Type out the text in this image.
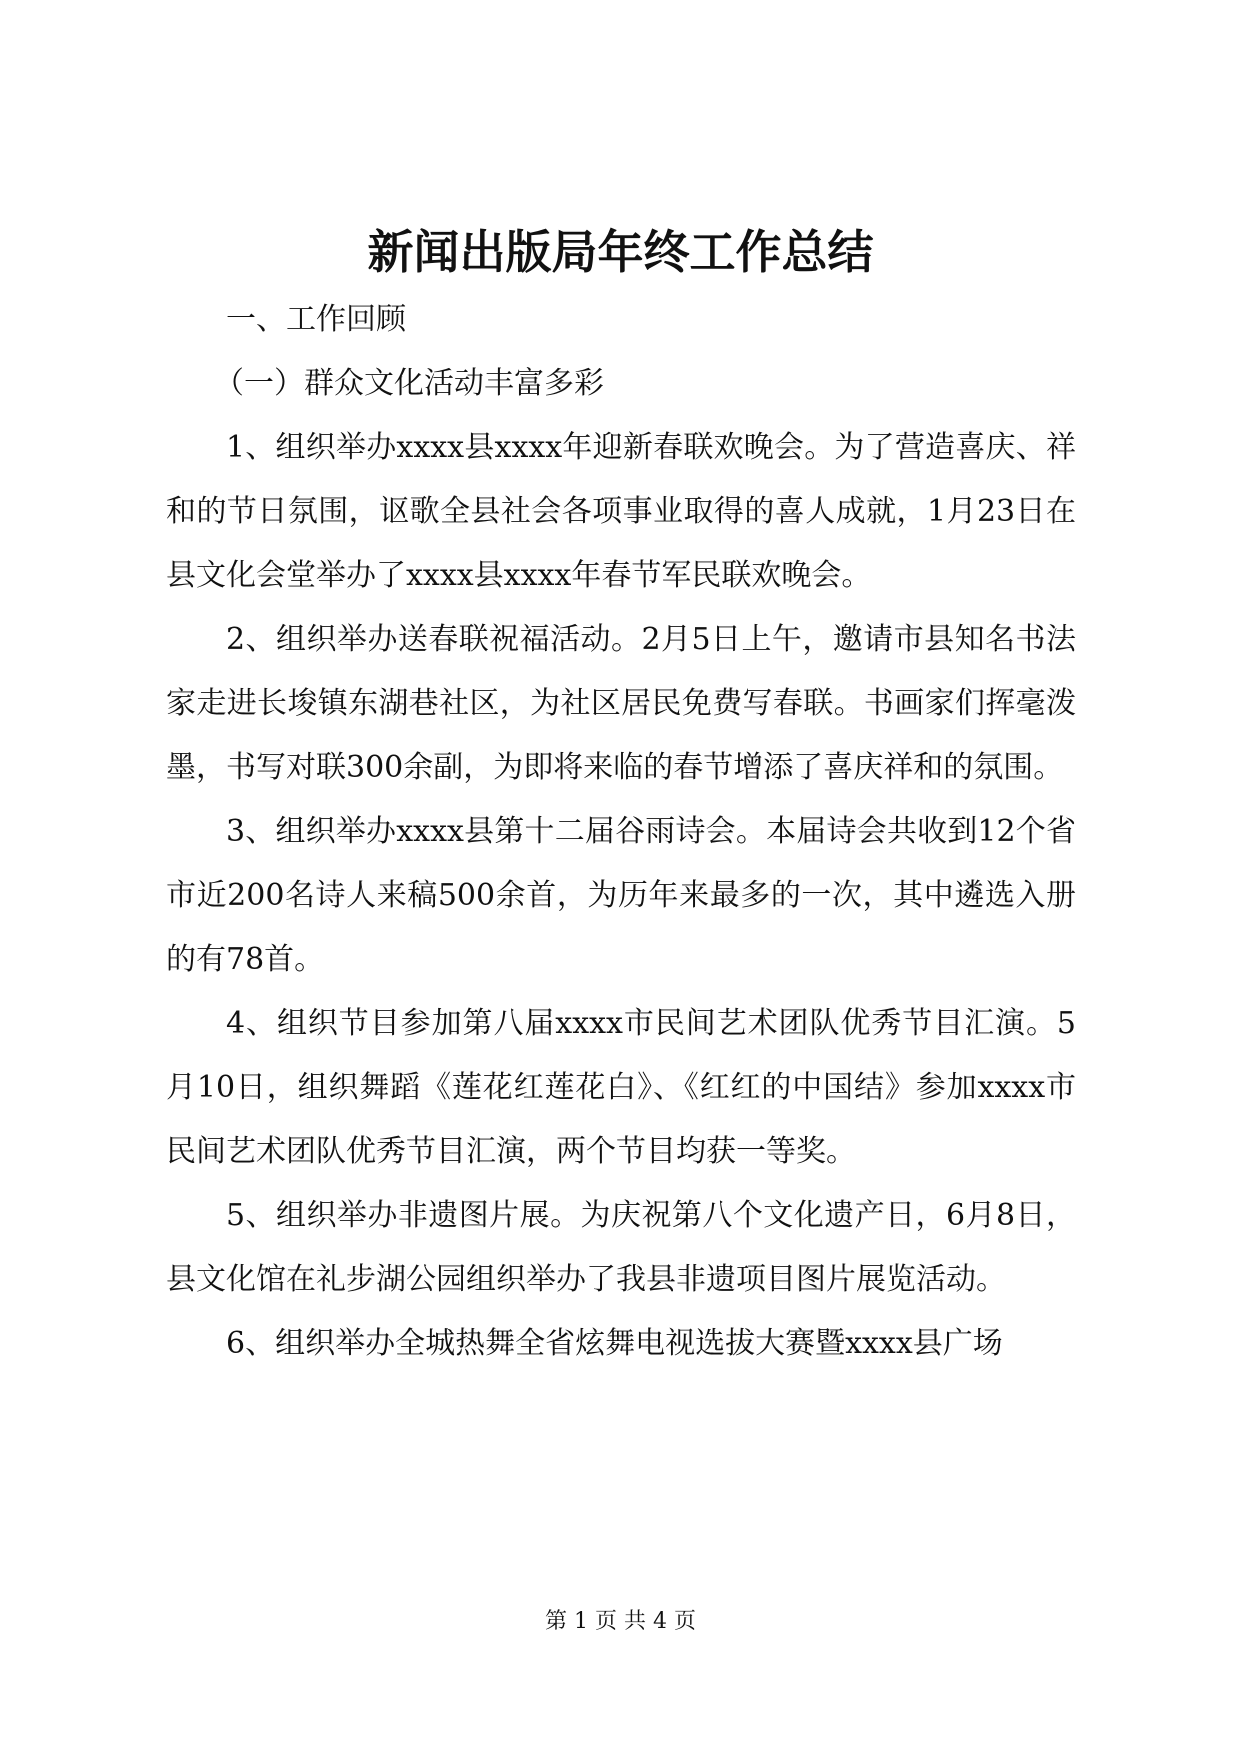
新闻出版局年终工作总结

一、工作回顾

（一）群众文化活动丰富多彩

1、组织举办xxxx县xxxx年迎新春联欢晚会。为了营造喜庆、祥和的节日氛围，讴歌全县社会各项事业取得的喜人成就，1月23日在县文化会堂举办了xxxx县xxxx年春节军民联欢晚会。

2、组织举办送春联祝福活动。2月5日上午，邀请市县知名书法家走进长埈镇东湖巷社区，为社区居民免费写春联。书画家们挥毫泼墨，书写对联300余副，为即将来临的春节增添了喜庆祥和的氛围。

3、组织举办xxxx县第十二届谷雨诗会。本届诗会共收到12个省市近200名诗人来稿500余首，为历年来最多的一次，其中遴选入册的有78首。

4、组织节目参加第八届xxxx市民间艺术团队优秀节目汇演。5月10日，组织舞蹈《莲花红莲花白》、《红红的中国结》参加xxxx市民间艺术团队优秀节目汇演，两个节目均获一等奖。

5、组织举办非遗图片展。为庆祝第八个文化遗产日，6月8日，县文化馆在礼步湖公园组织举办了我县非遗项目图片展览活动。

6、组织举办全城热舞全省炫舞电视选拔大赛暨xxxx县广场

第 1 页 共 4 页
